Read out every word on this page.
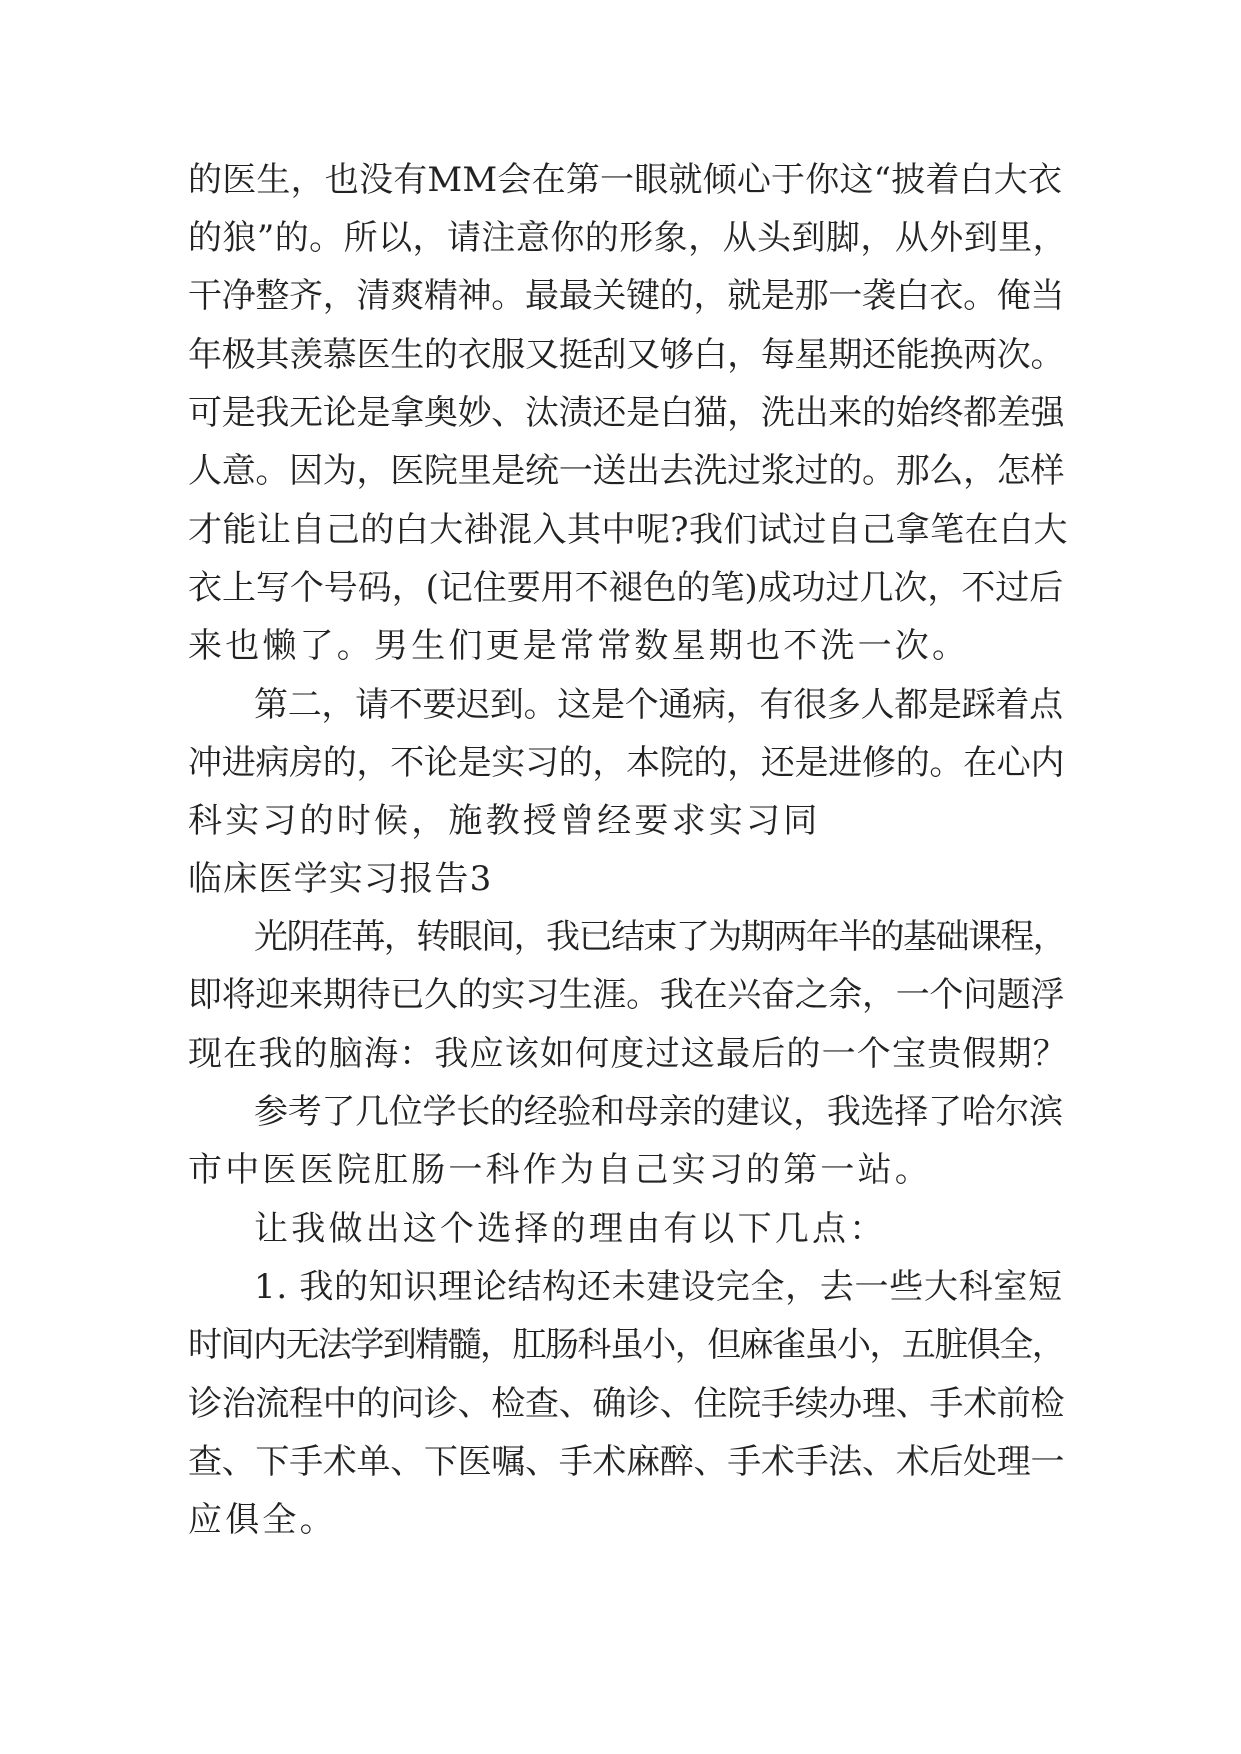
的医生，也没有MM会在第一眼就倾心于你这“披着白大衣

的狼”的。所以，请注意你的形象，从头到脚，从外到里，

干净整齐，清爽精神。最最关键的，就是那一袭白衣。俺当

年极其羡慕医生的衣服又挺刮又够白，每星期还能换两次。

可是我无论是拿奥妙、汰渍还是白猫，洗出来的始终都差强

人意。因为，医院里是统一送出去洗过浆过的。那么，怎样

才能让自己的白大褂混入其中呢?我们试过自己拿笔在白大

衣上写个号码，(记住要用不褪色的笔)成功过几次，不过后

来也懒了。男生们更是常常数星期也不洗一次。

第二，请不要迟到。这是个通病，有很多人都是踩着点

冲进病房的，不论是实习的，本院的，还是进修的。在心内

科实习的时候，施教授曾经要求实习同

临床医学实习报告3

光阴荏苒，转眼间，我已结束了为期两年半的基础课程，

即将迎来期待已久的实习生涯。我在兴奋之余，一个问题浮

现在我的脑海：我应该如何度过这最后的一个宝贵假期？

参考了几位学长的经验和母亲的建议，我选择了哈尔滨

市中医医院肛肠一科作为自己实习的第一站。

让我做出这个选择的理由有以下几点：

1. 我的知识理论结构还未建设完全，去一些大科室短

时间内无法学到精髓，肛肠科虽小，但麻雀虽小，五脏俱全，

诊治流程中的问诊、检查、确诊、住院手续办理、手术前检

查、下手术单、下医嘱、手术麻醉、手术手法、术后处理一

应俱全。
